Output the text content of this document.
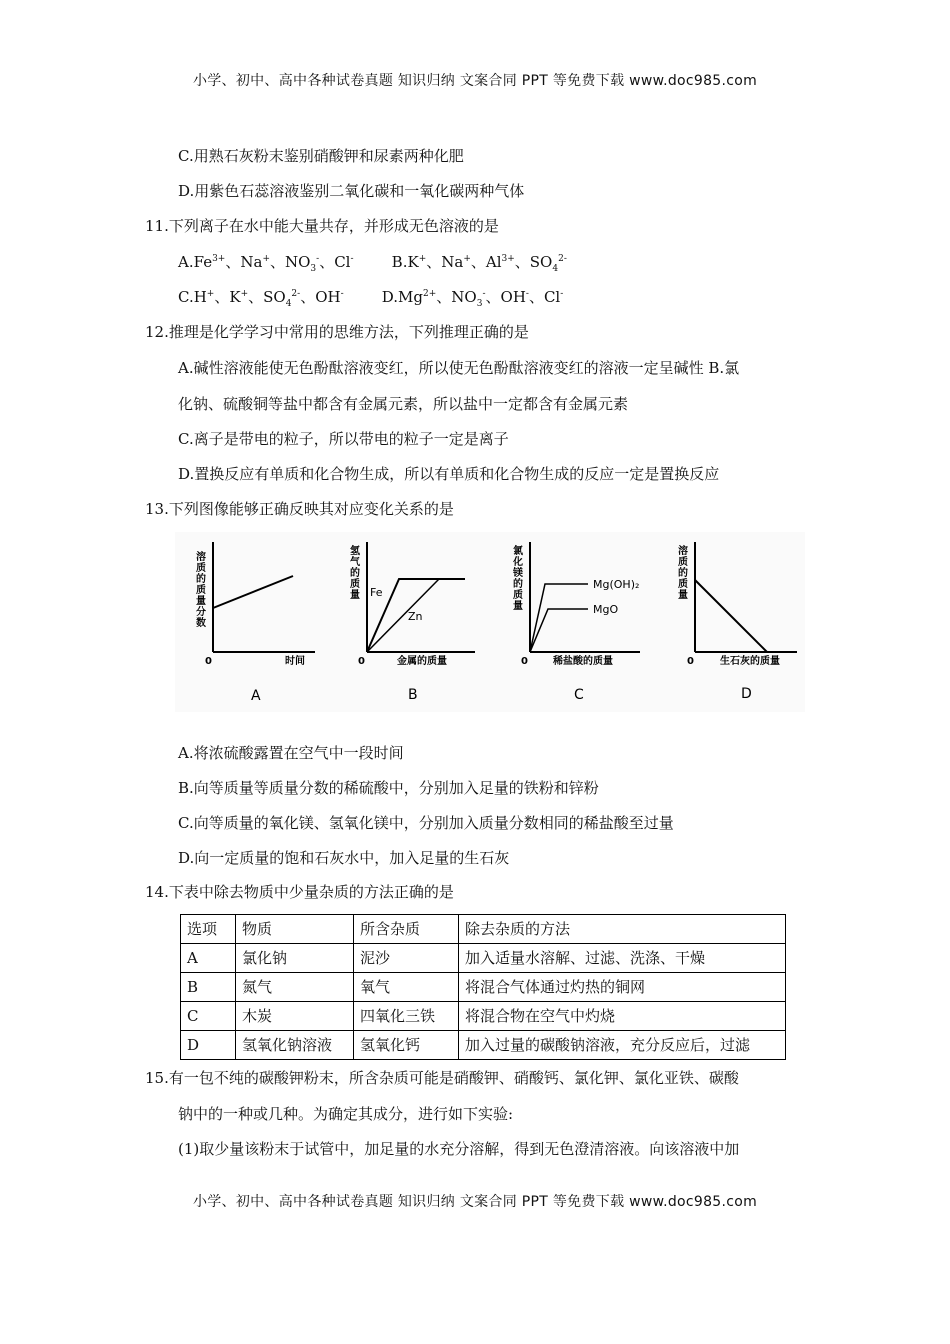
小学、初中、高中各种试卷真题 知识归纳 文案合同 PPT 等免费下载 www.doc985.com
C.用熟石灰粉末鉴别硝酸钾和尿素两种化肥
D.用紫色石蕊溶液鉴别二氧化碳和一氧化碳两种气体
11.下列离子在水中能大量共存，并形成无色溶液的是
$A.Fe^{3+}$、Na+、$NO_3^-$、Cl-        B.K+、Na+、$Al^{3+}$、$SO_4^{2-}$
C.H+、K+、$SO_4^{2-}$、OH-        $D.Mg^{2+}$、$NO_3^-$、OH-、Cl-
12.推理是化学学习中常用的思维方法，下列推理正确的是
A.碱性溶液能使无色酚酞溶液变红，所以使无色酚酞溶液变红的溶液一定呈碱性 B.氯
化钠、硫酸铜等盐中都含有金属元素，所以盐中一定都含有金属元素
C.离子是带电的粒子，所以带电的粒子一定是离子
D.置换反应有单质和化合物生成，所以有单质和化合物生成的反应一定是置换反应
13.下列图像能够正确反映其对应变化关系的是
溶质的质量分数
氢气的质量
氯化镁的质量
溶质的质量
0	0	0	0
时间	金属的质量	稀盐酸的质量	生石灰的质量
Fe
Zn
Mg(OH)₂
MgO
A	B	C	D
A.将浓硫酸露置在空气中一段时间
B.向等质量等质量分数的稀硫酸中，分别加入足量的铁粉和锌粉
C.向等质量的氧化镁、氢氧化镁中，分别加入质量分数相同的稀盐酸至过量
D.向一定质量的饱和石灰水中，加入足量的生石灰
14.下表中除去物质中少量杂质的方法正确的是
选项	物质	所含杂质	除去杂质的方法
A	氯化钠	泥沙	加入适量水溶解、过滤、洗涤、干燥
B	氮气	氧气	将混合气体通过灼热的铜网
C	木炭	四氧化三铁	将混合物在空气中灼烧
D	氢氧化钠溶液	氢氧化钙	加入过量的碳酸钠溶液，充分反应后，过滤
15.有一包不纯的碳酸钾粉末，所含杂质可能是硝酸钾、硝酸钙、氯化钾、氯化亚铁、碳酸
钠中的一种或几种。为确定其成分，进行如下实验:
(1)取少量该粉末于试管中，加足量的水充分溶解，得到无色澄清溶液。向该溶液中加
小学、初中、高中各种试卷真题 知识归纳 文案合同 PPT 等免费下载 www.doc985.com
